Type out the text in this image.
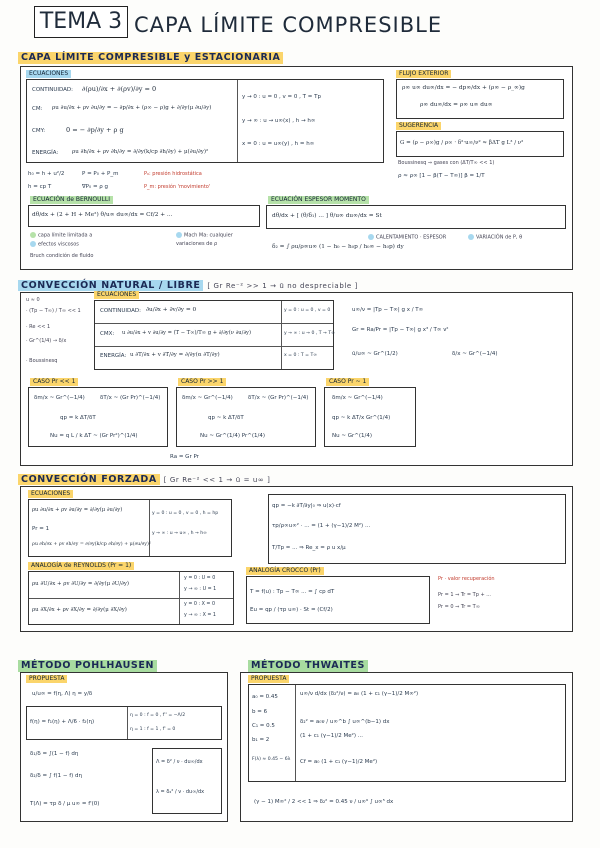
TEMA 3 CAPA LÍMITE COMPRESIBLE
CAPA LÍMITE COMPRESIBLE y ESTACIONARIA
ECUACIONES
CONTINUIDAD: ∂(ρu)/∂x + ∂(ρv)/∂y = 0
CM: ρu ∂u/∂x + ρv ∂u/∂y = − ∂p/∂x + (ρ∞ − ρ)g + ∂/∂y(μ ∂u/∂y)
CMY:	0 = − ∂p/∂y + ρ g
ENERGÍA: ρu ∂h/∂x + ρv ∂h/∂y = ∂/∂y(k/cp ∂h/∂y) + μ(∂u/∂y)²
y → 0 : u = 0 , v = 0 , T = Tp
y → ∞ : u → u∞(x) , h → h∞
x = 0 : u = u∞(y) , h = h∞
h₀ = h + u²/2
h = cp T
P = P₀ + P_m
∇P₀ = ρ g
P₀: presión hidrostática
P_m: presión 'movimiento'
FLUJO EXTERIOR
ρ∞ u∞ du∞/dx = − dp∞/dx + (ρ∞ − ρ_∞)g
ρ∞ du∞/dx = ρ∞ u∞ du∞
SUGERENCIA
G = (ρ − ρ∞)g / ρ∞ · δ²·u∞/ν² ≈ βΔT g L³ / ν²
Boussinesq ⇒ gases con (ΔT/T∞ << 1)
ρ ≈ ρ∞ [1 − β(T − T∞)] β = 1/T
ECUACIÓN de BERNOULLI
dθ/dx + (2 + H + Me²) θ/u∞ du∞/dx = Cf/2 + ...
capa límite limitada a
efectos viscosos
Mach Ma: cualquier
variaciones de ρ
Bruch condición de fluido
ECUACIÓN ESPESOR MOMENTO
dθ/dx + [ (θ/δ₁) ... ] θ/u∞ du∞/dx = St
δ₂ = ∫ ρu/ρ∞u∞ (1 − h₀ − h₀p / h₀∞ − h₀p) dy
CALENTAMIENTO · ESPESOR	VARIACIÓN de P, θ
CONVECCIÓN NATURAL / LIBRE [ Gr Re⁻² >> 1 → ū no despreciable ]
u ≈ 0
· (Tp − T∞) / T∞ << 1
· Re << 1
· Gr^(1/4) → δ/x
· Boussinesq
ECUACIONES
CONTINUIDAD: ∂u/∂x + ∂v/∂y = 0
CMX: u ∂u/∂x + v ∂u/∂y = (T − T∞)/T∞ g + ∂/∂y(ν ∂u/∂y)
ENERGÍA: u ∂T/∂x + v ∂T/∂y = ∂/∂y(α ∂T/∂y)
y = 0 : u = 0 , v = 0
y → ∞ : u → 0 , T → T∞
x = 0 : T = T∞
u∞/ν = |Tp − T∞| g x / T∞
Gr = Ra/Pr = |Tp − T∞| g x³ / T∞ ν²
ū/u∞ ~ Gr^(1/2)	δ/x ~ Gr^(−1/4)
CASO Pr << 1
δm/x ~ Gr^(−1/4)	δT/x ~ (Gr Pr)^(−1/4)
qp = k ΔT/δT
Nu = q L / k ΔT ~ (Gr Pr²)^(1/4)
CASO Pr >> 1
δm/x ~ Gr^(−1/4)	δT/x ~ (Gr Pr)^(−1/4)
qp ~ k ΔT/δT
Nu ~ Gr^(1/4) Pr^(1/4)
CASO Pr ~ 1
δm/x ~ Gr^(−1/4)
qp ~ k ΔT/x Gr^(1/4)
Nu ~ Gr^(1/4)
Ra = Gr Pr
CONVECCIÓN FORZADA [ Gr Re⁻² << 1 → ū = u∞ ]
ECUACIONES
ρu ∂u/∂x + ρv ∂u/∂y = ∂/∂y(μ ∂u/∂y)
Pr = 1
ρu ∂h/∂x + ρv ∂h/∂y = ∂/∂y(k/cp ∂h/∂y) + μ(∂u/∂y)²
y = 0 : u = 0 , v = 0 , h = hp
y → ∞ : u → u∞ , h → h∞
qp = −k ∂T/∂y|₀ ⇒ u(x)·cf
τp/ρ∞u∞² · ... = (1 + (γ−1)/2 M²) ...
T/Tp = ... ⇒ Re_x = ρ u x/μ
ANALOGÍA de REYNOLDS (Pr = 1)
ρu ∂U/∂x + ρv ∂U/∂y = ∂/∂y(μ ∂U/∂y)
ρu ∂X/∂x + ρv ∂X/∂y = ∂/∂y(μ ∂X/∂y)
y = 0 : U = 0
y → ∞ : U = 1
y = 0 : X = 0
y → ∞ : X = 1
ANALOGÍA CROCCO (Pr)
T = f(u) : Tp − T∞ ... = ∫ cp dT
Eu = qp / (τp u∞) · St = (Cf/2)
Pr · valor recuperación
Pr = 1 ⇒ Tr = Tp + ...
Pr = 0 ⇒ Tr = T∞
MÉTODO POHLHAUSEN
PROPUESTA
u/u∞ = f(η, Λ) η = y/δ
f(η) = f₁(η) + Λ/6 · f₂(η)
η = 0 : f = 0 , f'' = −Λ/2
η = 1 : f = 1 , f' = 0
δ₁/δ = ∫(1 − f) dη
δ₂/δ = ∫ f(1 − f) dη
T(Λ) = τp δ / μ u∞ = f'(0)
Λ = δ² / ν · du∞/dx
λ = δ₂² / ν · du∞/dx
MÉTODO THWAITES
PROPUESTA
a₀ = 0.45
b = 6
C₁ = 0.5
b₁ = 2
F(λ) ≈ 0.45 − 6λ
u∞/ν d/dx (δ₂²/ν) = a₀ (1 + c₁ (γ−1)/2 M∞²)
δ₂² = a₀ν / u∞^b ∫ u∞^(b−1) dx
(1 + c₁ (γ−1)/2 Me²) ...
Cf = a₀ (1 + c₁ (γ−1)/2 Me²)
(γ − 1) M∞² / 2 << 1 ⇒ δ₂² = 0.45 ν / u∞⁶ ∫ u∞⁵ dx
